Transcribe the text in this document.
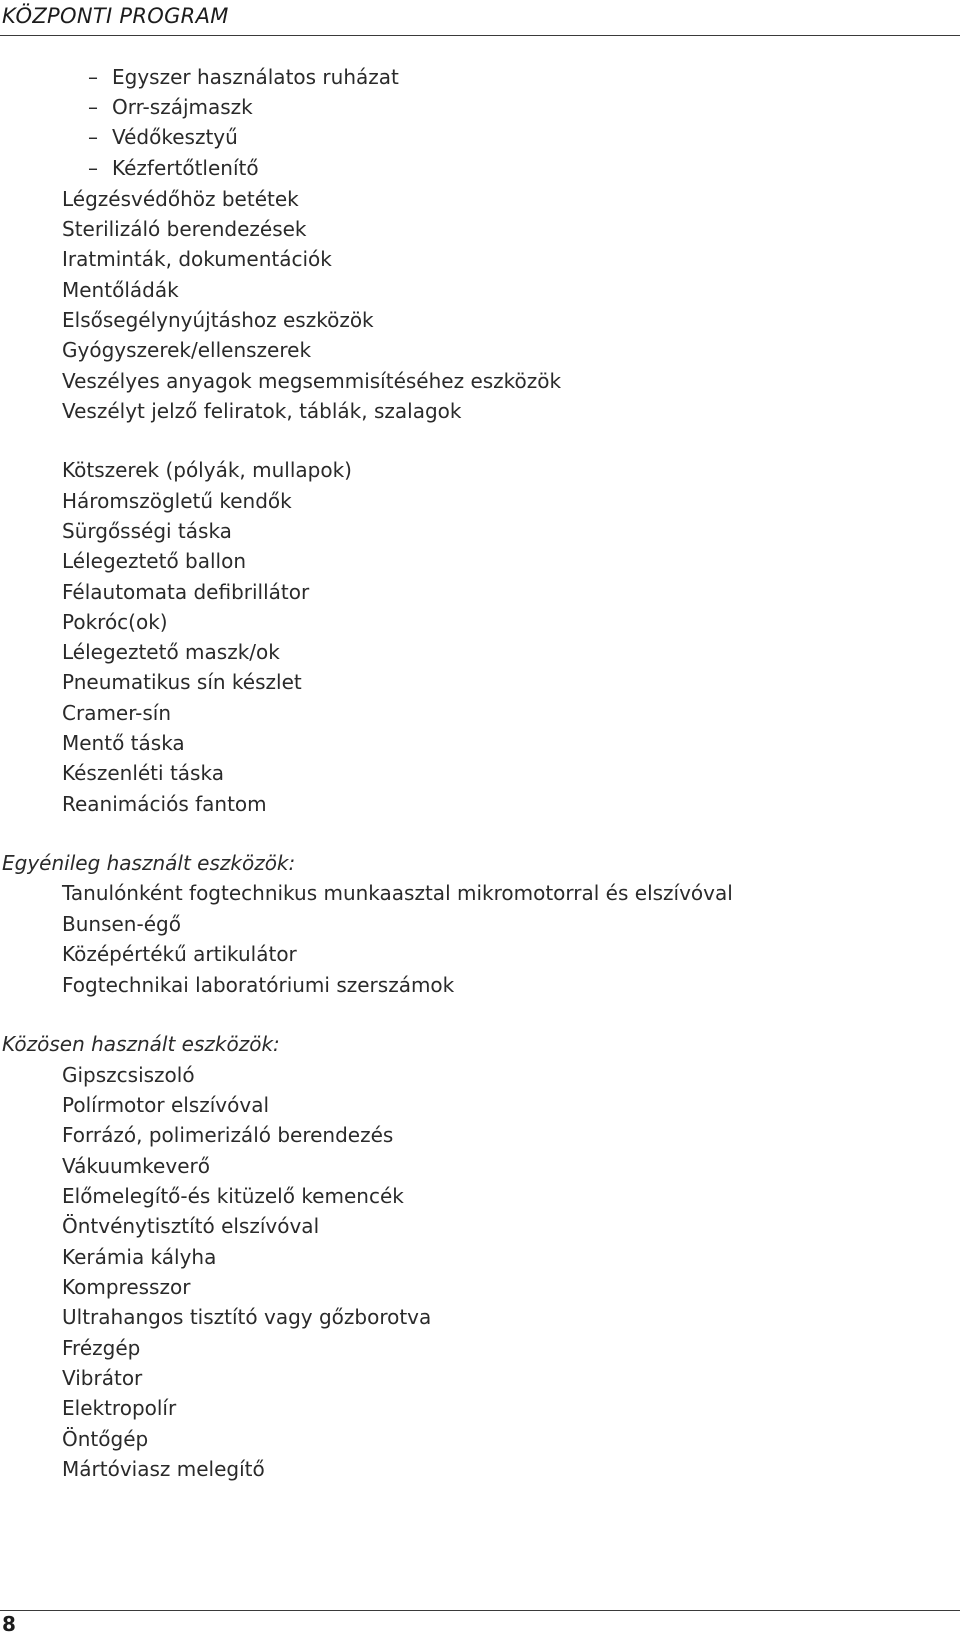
KÖZPONTI PROGRAM
– Egyszer használatos ruházat
– Orr-szájmaszk
– Védőkesztyű
– Kézfertőtlenítő
Légzésvédőhöz betétek
Sterilizáló berendezések
Iratminták, dokumentációk
Mentőládák
Elsősegélynyújtáshoz eszközök
Gyógyszerek/ellenszerek
Veszélyes anyagok megsemmisítéséhez eszközök
Veszélyt jelző feliratok, táblák, szalagok
Kötszerek (pólyák, mullapok)
Háromszögletű kendők
Sürgősségi táska
Lélegeztető ballon
Félautomata defibrillátor
Pokróc(ok)
Lélegeztető maszk/ok
Pneumatikus sín készlet
Cramer-sín
Mentő táska
Készenléti táska
Reanimációs fantom
Egyénileg használt eszközök:
Tanulónként fogtechnikus munkaasztal mikromotorral és elszívóval
Bunsen-égő
Középértékű artikulátor
Fogtechnikai laboratóriumi szerszámok
Közösen használt eszközök:
Gipszcsiszoló
Polírmotor elszívóval
Forrázó, polimerizáló berendezés
Vákuumkeverő
Előmelegítő-és kitüzelő kemencék
Öntvénytisztító elszívóval
Kerámia kályha
Kompresszor
Ultrahangos tisztító vagy gőzborotva
Frézgép
Vibrátor
Elektropolír
Öntőgép
Mártóviasz melegítő
8
